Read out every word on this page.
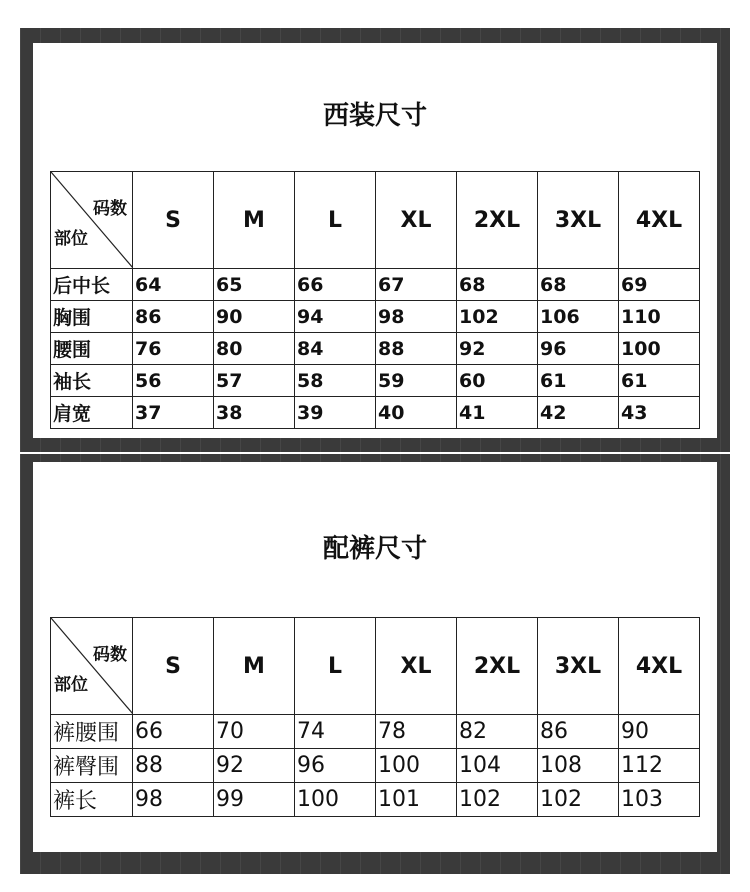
西装尺寸
码数
部位	S	M	L	XL	2XL	3XL	4XL
后中长	64	65	66	67	68	68	69
胸围	86	90	94	98	102	106	110
腰围	76	80	84	88	92	96	100
袖长	56	57	58	59	60	61	61
肩宽	37	38	39	40	41	42	43
配裤尺寸
码数
部位	S	M	L	XL	2XL	3XL	4XL
裤腰围	66	70	74	78	82	86	90
裤臀围	88	92	96	100	104	108	112
裤长	98	99	100	101	102	102	103
